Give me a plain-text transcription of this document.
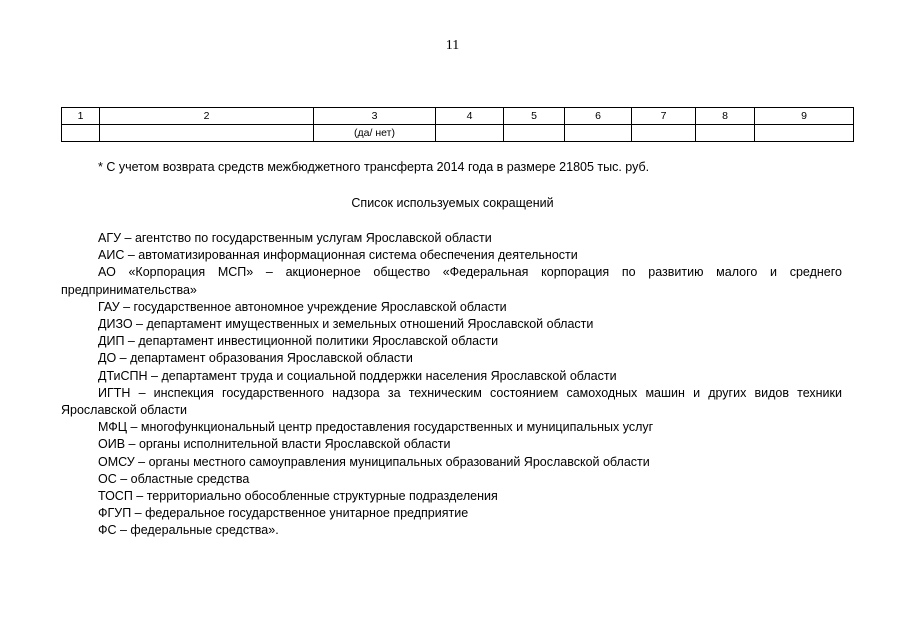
11
1	2	3	4	5	6	7	8	9
		(да/ нет)						
* С учетом возврата средств межбюджетного трансферта 2014 года в размере 21805 тыс. руб.
Список используемых сокращений

АГУ – агентство по государственным услугам Ярославской области

АИС – автоматизированная информационная система обеспечения деятельности

АО «Корпорация МСП» – акционерное общество «Федеральная корпорация по развитию малого и среднего предпринимательства»

ГАУ – государственное автономное учреждение Ярославской области

ДИЗО – департамент имущественных и земельных отношений Ярославской области

ДИП – департамент инвестиционной политики Ярославской области

ДО – департамент образования Ярославской области

ДТиСПН – департамент труда и социальной поддержки населения Ярославской области

ИГТН – инспекция государственного надзора за техническим состоянием самоходных машин и других видов техники Ярославской области

МФЦ – многофункциональный центр предоставления государственных и муниципальных услуг

ОИВ – органы исполнительной власти Ярославской области

ОМСУ – органы местного самоуправления муниципальных образований Ярославской области

ОС – областные средства

ТОСП – территориально обособленные структурные подразделения

ФГУП – федеральное государственное унитарное предприятие

ФС – федеральные средства».
